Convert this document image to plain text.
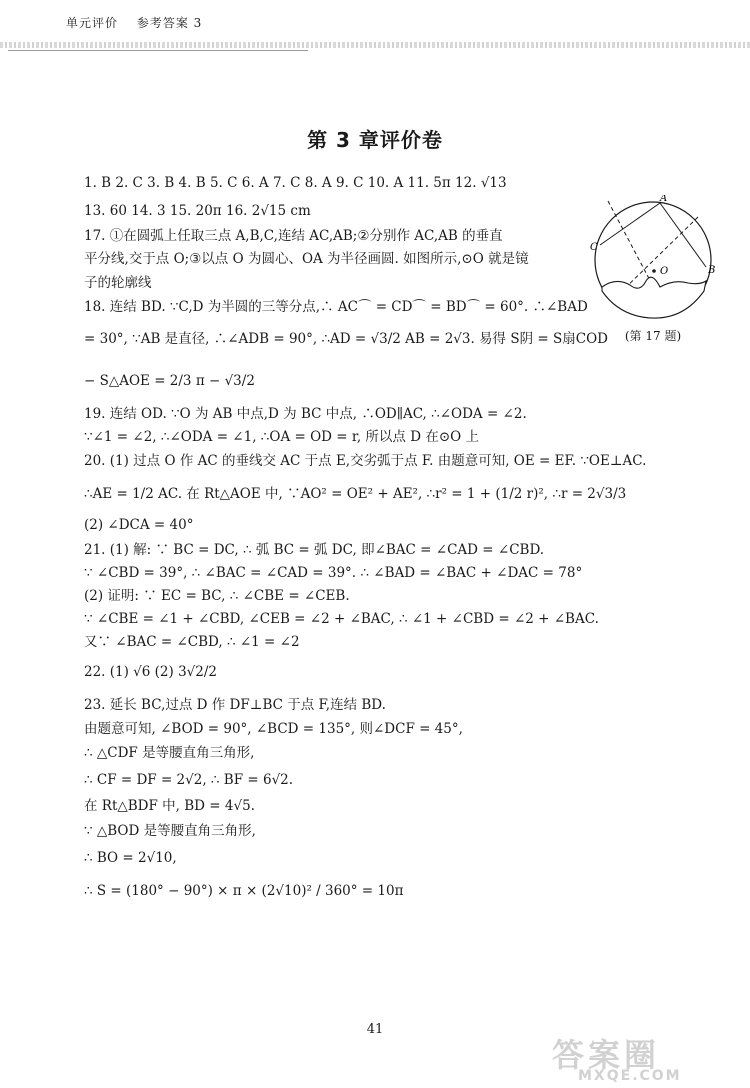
单元评价 参考答案 3
第 3 章评价卷
1. B 2. C 3. B 4. B 5. C 6. A 7. C 8. A 9. C 10. A 11. 5π 12. √13
13. 60 14. 3 15. 20π 16. 2√15 cm
17. ①在圆弧上任取三点 A,B,C,连结 AC,AB;②分别作 AC,AB 的垂直
平分线,交于点 O;③以点 O 为圆心、OA 为半径画圆. 如图所示,⊙O 就是镜
子的轮廓线
18. 连结 BD. ∵C,D 为半圆的三等分点,∴ AC⌒ = CD⌒ = BD⌒ = 60°. ∴∠BAD
= 30°, ∵AB 是直径, ∴∠ADB = 90°, ∴AD = √3/2 AB = 2√3. 易得 S阴 = S扇COD
− S△AOE = 2/3 π − √3/2
19. 连结 OD. ∵O 为 AB 中点,D 为 BC 中点, ∴OD∥AC, ∴∠ODA = ∠2.
∵∠1 = ∠2, ∴∠ODA = ∠1, ∴OA = OD = r, 所以点 D 在⊙O 上
20. (1) 过点 O 作 AC 的垂线交 AC 于点 E,交劣弧于点 F. 由题意可知, OE = EF. ∵OE⊥AC.
∴AE = 1/2 AC. 在 Rt△AOE 中, ∵AO² = OE² + AE², ∴r² = 1 + (1/2 r)², ∴r = 2√3/3
(2) ∠DCA = 40°
21. (1) 解: ∵ BC = DC, ∴ 弧 BC = 弧 DC, 即∠BAC = ∠CAD = ∠CBD.
∵ ∠CBD = 39°, ∴ ∠BAC = ∠CAD = 39°. ∴ ∠BAD = ∠BAC + ∠DAC = 78°
(2) 证明: ∵ EC = BC, ∴ ∠CBE = ∠CEB.
∵ ∠CBE = ∠1 + ∠CBD, ∠CEB = ∠2 + ∠BAC, ∴ ∠1 + ∠CBD = ∠2 + ∠BAC.
又∵ ∠BAC = ∠CBD, ∴ ∠1 = ∠2
22. (1) √6 (2) 3√2/2
23. 延长 BC,过点 D 作 DF⊥BC 于点 F,连结 BD.
由题意可知, ∠BOD = 90°, ∠BCD = 135°, 则∠DCF = 45°,
∴ △CDF 是等腰直角三角形,
∴ CF = DF = 2√2, ∴ BF = 6√2.
在 Rt△BDF 中, BD = 4√5.
∵ △BOD 是等腰直角三角形,
∴ BO = 2√10,
∴ S = (180° − 90°) × π × (2√10)² / 360° = 10π
A
C
B
O
(第 17 题)
41
答案圈
MXQE.COM
